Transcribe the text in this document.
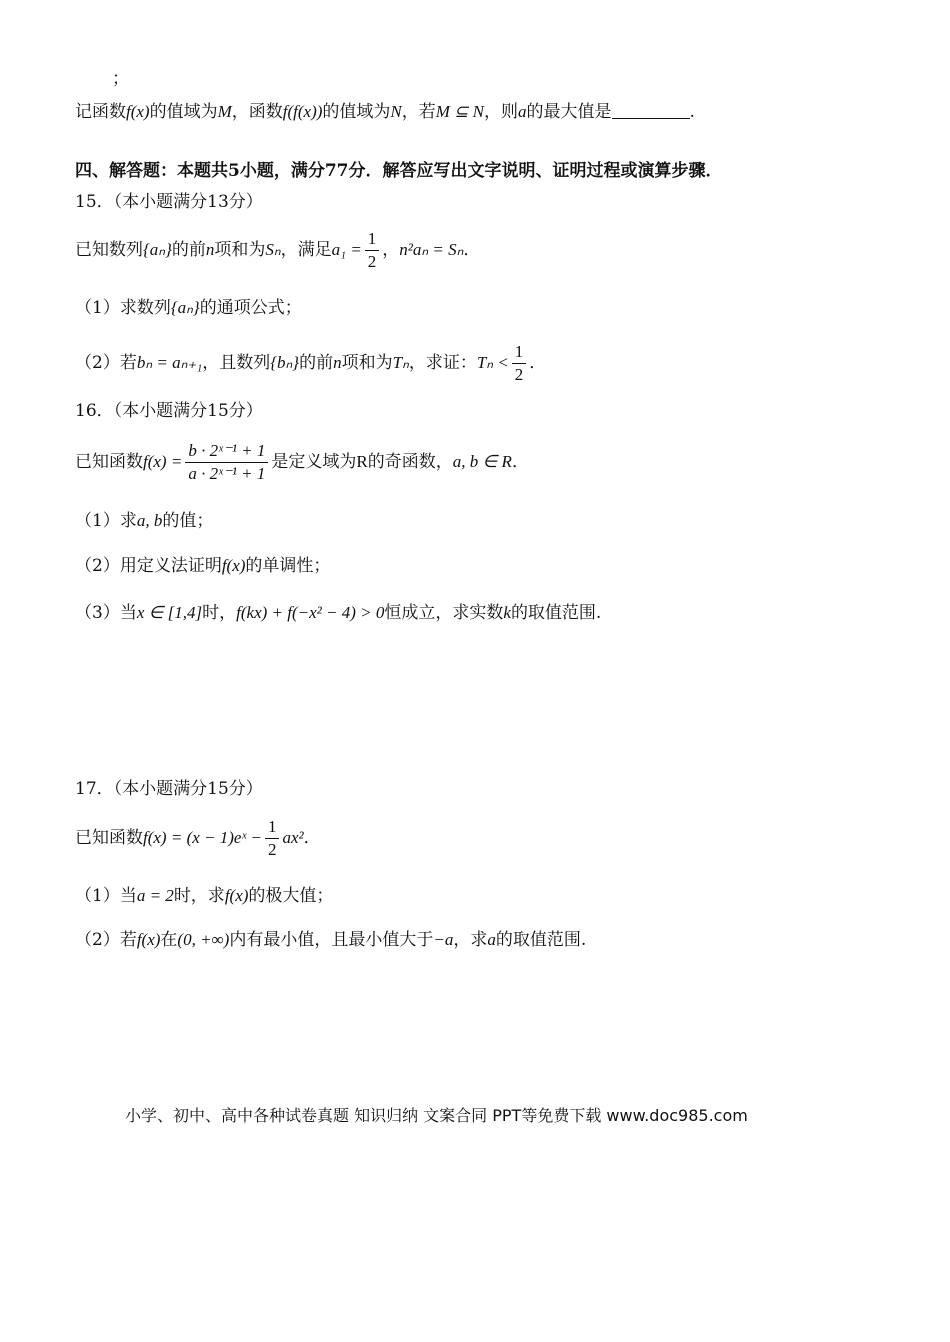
；
记函数f(x)的值域为M，函数f(f(x))的值域为N，若M ⊆ N，则a的最大值是	.
四、解答题：本题共5小题，满分77分．解答应写出文字说明、证明过程或演算步骤．
15．（本小题满分13分）
已知数列{aₙ}的前n项和为Sₙ，满足$a_1 = \frac{1}{2}$ ，n²aₙ = Sₙ．
（1）求数列{aₙ}的通项公式；
（2）若bₙ = aₙ₊₁，且数列{bₙ}的前n项和为Tₙ，求证：$T_n < \frac{1}{2}$ ．
16．（本小题满分15分）
已知函数$f(x) = \frac{\text{b · 2ˣ⁻¹ + 1}}{\text{a · 2ˣ⁻¹ + 1}}$ 是定义域为R的奇函数，a, b ∈ R．
（1）求a, b的值；
（2）用定义法证明f(x)的单调性；
（3）当x ∈ [1,4]时，f(kx) + f(−x² − 4) > 0恒成立，求实数k的取值范围.
17．（本小题满分15分）
已知函数f(x) = (x − 1)eˣ − $\frac{1}{2} ax^2$．
（1）当a = 2时，求f(x)的极大值；
（2）若f(x)在(0, +∞)内有最小值，且最小值大于−a，求a的取值范围.
小学、初中、高中各种试卷真题 知识归纳 文案合同 PPT等免费下载 www.doc985.com
